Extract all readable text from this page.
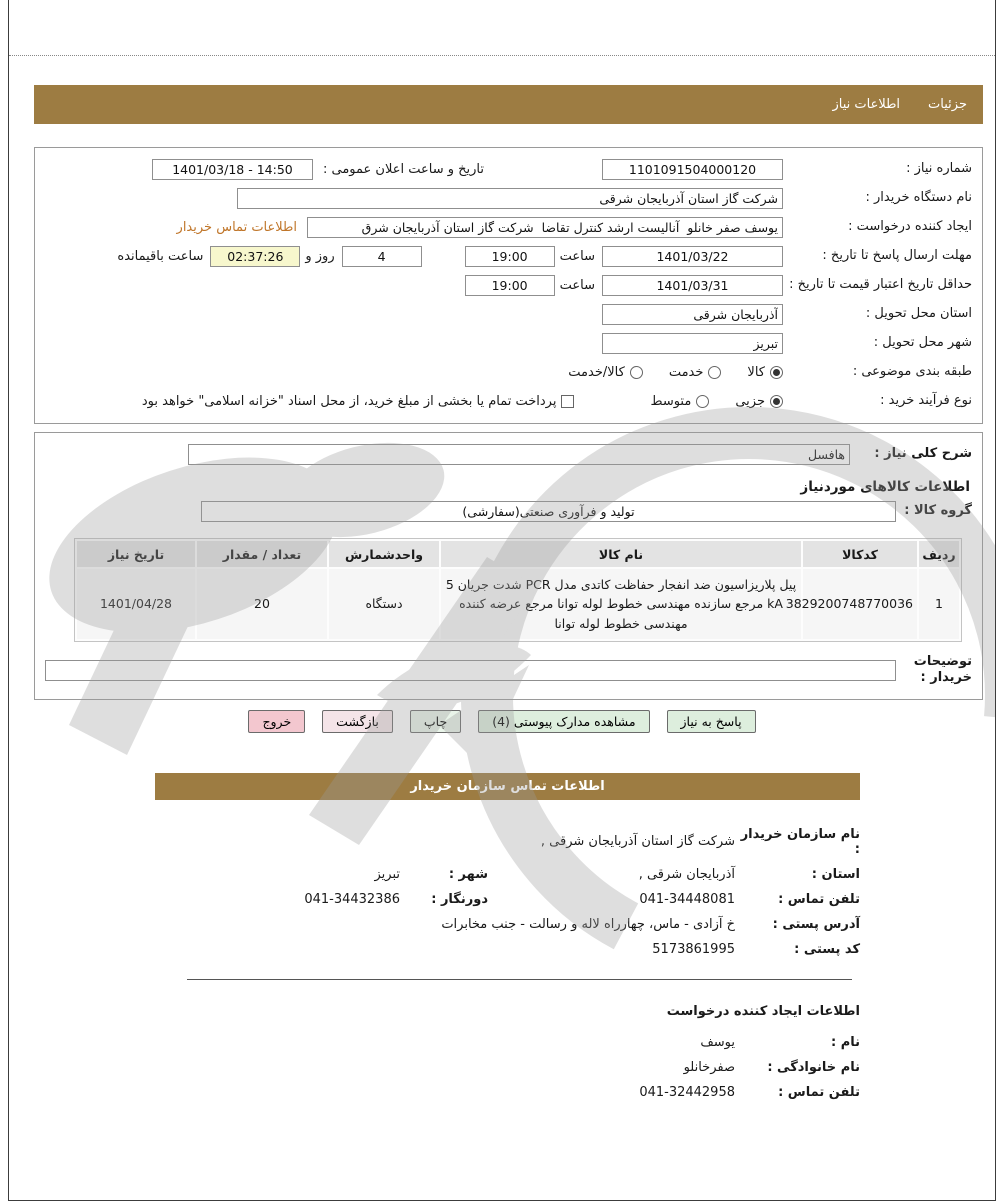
جزئیات
اطلاعات نیاز
شماره نیاز :
1101091504000120
تاریخ و ساعت اعلان عمومی :
1401/03/18 - 14:50
نام دستگاه خریدار :
شرکت گاز استان آذربایجان شرقی
ایجاد کننده درخواست :
یوسف صفر خانلو آنالیست ارشد کنترل تقاضا شرکت گاز استان آذربایجان شرق
اطلاعات تماس خریدار
مهلت ارسال پاسخ تا تاریخ :
1401/03/22
ساعت
19:00
4
روز و
02:37:26
ساعت باقیمانده
حداقل تاریخ اعتبار قیمت تا تاریخ :
1401/03/31
ساعت
19:00
استان محل تحویل :
آذربایجان شرقی
شهر محل تحویل :
تبریز
طبقه بندی موضوعی :
کالا
خدمت
کالا/خدمت
نوع فرآیند خرید :
جزیی
متوسط
پرداخت تمام یا بخشی از مبلغ خرید، از محل اسناد "خزانه اسلامی" خواهد بود
شرح کلی نیاز :
هافسل
اطلاعات کالاهای موردنیاز
گروه کالا :
تولید و فرآوری صنعتی(سفارشی)
ردیف	کدکالا	نام کالا	واحدشمارش	تعداد / مقدار	تاریخ نیاز
1	3829200748770036	پیل پلاریزاسیون ضد انفجار حفاظت کاتدی مدل PCR شدت جریان 5 kA مرجع سازنده مهندسی خطوط لوله توانا مرجع عرضه کننده مهندسی خطوط لوله توانا	دستگاه	20	1401/04/28
توضیحات خریدار :
پاسخ به نیاز
مشاهده مدارک پیوستی (4)
چاپ
بازگشت
خروج
اطلاعات تماس سازمان خریدار
نام سازمان خریدار :
شرکت گاز استان آذربایجان شرقی ,
استان :
آذربایجان شرقی ,
شهر :
تبریز
تلفن تماس :
041-34448081
دورنگار :
041-34432386
آدرس پستی :
خ آزادی - ماس، چهارراه لاله و رسالت - جنب مخابرات
کد پستی :
5173861995
اطلاعات ایجاد کننده درخواست
نام :
یوسف
نام خانوادگی :
صفرخانلو
تلفن تماس :
041-32442958
